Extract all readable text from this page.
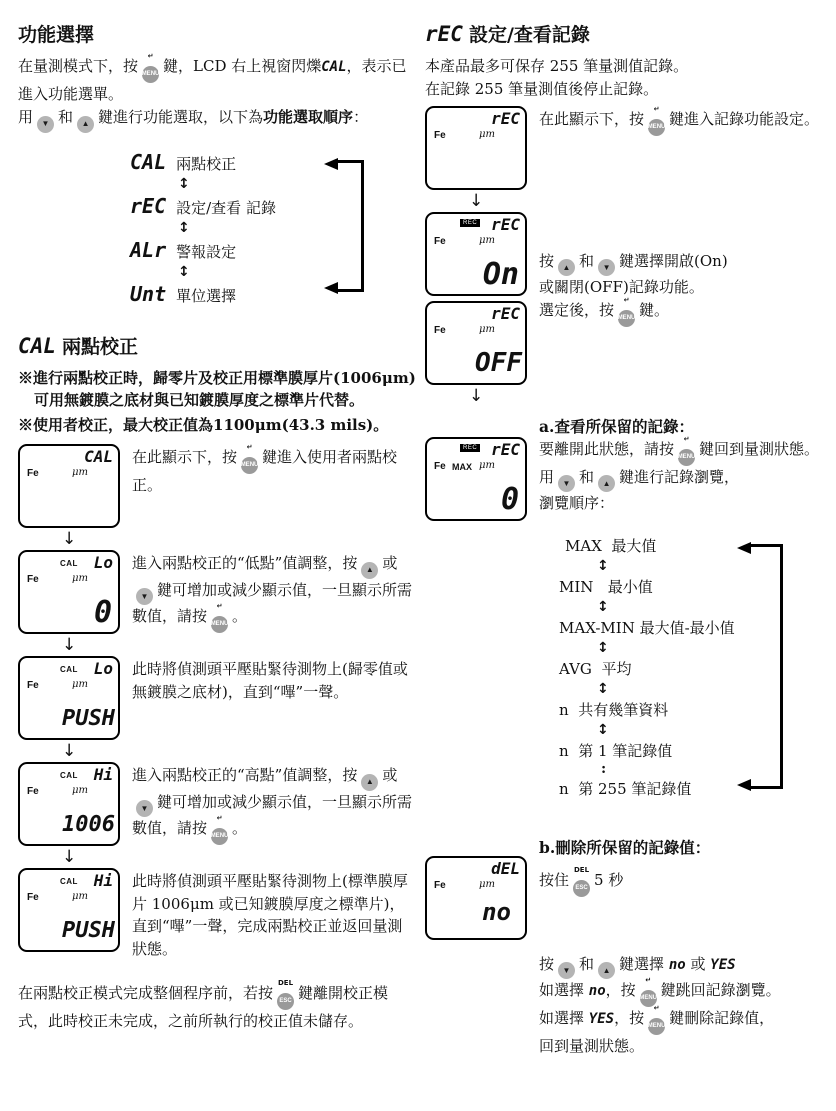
功能選擇

在量測模式下，按
↵
MENU 鍵，LCD 右上視窗閃爍CAL，表示已進入功能選單。
用 ▼ 和 ▲ 鍵進行功能選取，以下為功能選取順序：

CAL 兩點校正
↕
rEC 設定/查看 記錄
↕
ALr 警報設定
↕
Unt 單位選擇
CAL 兩點校正
※進行兩點校正時，歸零片及校正用標準膜厚片(1006μm)可用無鍍膜之底材與已知鍍膜厚度之標準片代替。
※使用者校正，最大校正值為1100μm(43.3 mils)。
Fe
CAL
μm
在此顯示下，按
↵
MENU 鍵進入使用者兩點校正。
↓
Fe
CAL Lo
μm
0
進入兩點校正的“低點”值調整，按 ▲ 或▼ 鍵可增加或減少顯示值，一旦顯示所需數值，請按
↵
MENU 。
↓
Fe
CAL Lo
μm
PUSH
此時將偵測頭平壓貼緊待測物上(歸零值或無鍍膜之底材)，直到“嗶”一聲。
↓
Fe
CAL Hi
μm
1006
進入兩點校正的“高點”值調整，按 ▲ 或▼ 鍵可增加或減少顯示值，一旦顯示所需數值，請按
↵
MENU 。
↓
Fe
CAL Hi
μm
PUSH
此時將偵測頭平壓貼緊待測物上(標準膜厚片 1006μm 或已知鍍膜厚度之標準片)，直到“嗶”一聲，完成兩點校正並返回量測狀態。

在兩點校正模式完成整個程序前，若按
DEL
ESC 鍵離開校正模式，此時校正未完成，之前所執行的校正值未儲存。

rEC 設定/查看記錄

本產品最多可保存 255 筆量測值記錄。

在記錄 255 筆量測值後停止記錄。

Fe
rEC
μm
在此顯示下，按
↵
MENU 鍵進入記錄功能設定。
↓
Fe
REC rEC
μm
On
Fe
rEC
μm
OFF
按 ▲ 和 ▼ 鍵選擇開啟(On)
或關閉(OFF)記錄功能。
選定後，按
↵
MENU 鍵。
↓
Fe MAX
REC rEC
μm
0
a.查看所保留的記錄：
要離開此狀態，請按
↵
MENU 鍵回到量測狀態。
用 ▼ 和 ▲ 鍵進行記錄瀏覽，
瀏覽順序：
MAX 最大值
↕
MIN 最小值
↕
MAX-MIN 最大值-最小值
↕
AVG 平均
↕
n 共有幾筆資料
↕
n 第 1 筆記錄值
:
n 第 255 筆記錄值
Fe
dEL
μm
no
b.刪除所保留的記錄值：
按住
DEL
ESC 5 秒
按 ▼ 和 ▲ 鍵選擇 no 或 YES
如選擇 no，按
↵
MENU 鍵跳回記錄瀏覽。
如選擇 YES，按
↵
MENU 鍵刪除記錄值，
回到量測狀態。
